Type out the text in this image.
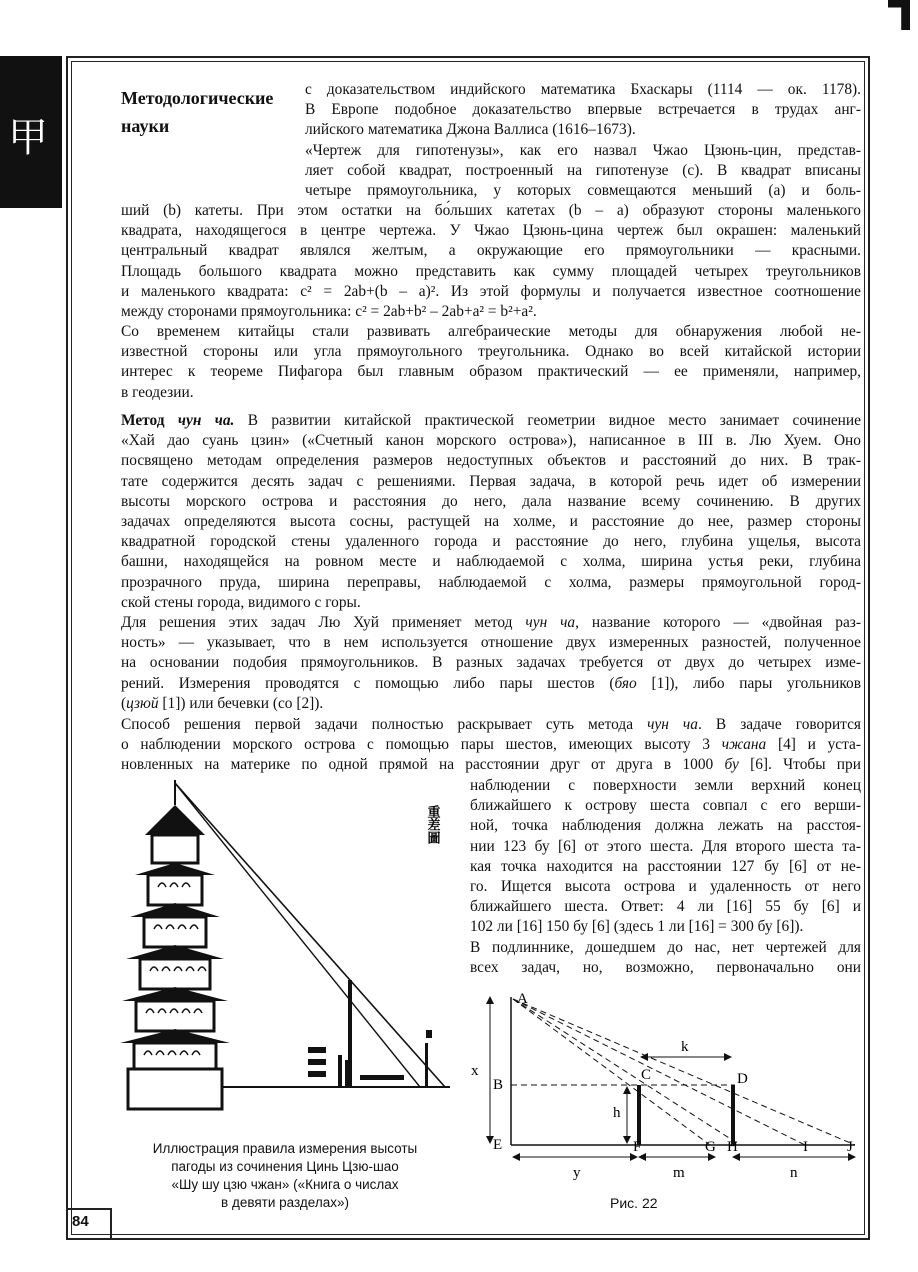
甲
84
Методологические
науки
с доказательством индийского математика Бхаскары (1114 — ок. 1178).
В Европе подобное доказательство впервые встречается в трудах анг-
лийского математика Джона Валлиса (1616–1673).
«Чертеж для гипотенузы», как его назвал Чжао Цзюнь-цин, представ-
ляет собой квадрат, построенный на гипотенузе (c). В квадрат вписаны
четыре прямоугольника, у которых совмещаются меньший (a) и боль-
ший (b) катеты. При этом остатки на бо́льших катетах (b – a) образуют стороны маленького
квадрата, находящегося в центре чертежа. У Чжао Цзюнь-цина чертеж был окрашен: маленький
центральный квадрат являлся желтым, а окружающие его прямоугольники — красными.
Площадь большого квадрата можно представить как сумму площадей четырех треугольников
и маленького квадрата: c² = 2ab+(b – a)². Из этой формулы и получается известное соотношение
между сторонами прямоугольника: c² = 2ab+b² – 2ab+a² = b²+a².
Со временем китайцы стали развивать алгебраические методы для обнаружения любой не-
известной стороны или угла прямоугольного треугольника. Однако во всей китайской истории
интерес к теореме Пифагора был главным образом практический — ее применяли, например,
в геодезии.
Метод чун ча. В развитии китайской практической геометрии видное место занимает сочинение
«Хай дао суань цзин» («Счетный канон морского острова»), написанное в III в. Лю Хуем. Оно
посвящено методам определения размеров недоступных объектов и расстояний до них. В трак-
тате содержится десять задач с решениями. Первая задача, в которой речь идет об измерении
высоты морского острова и расстояния до него, дала название всему сочинению. В других
задачах определяются высота сосны, растущей на холме, и расстояние до нее, размер стороны
квадратной городской стены удаленного города и расстояние до него, глубина ущелья, высота
башни, находящейся на ровном месте и наблюдаемой с холма, ширина устья реки, глубина
прозрачного пруда, ширина переправы, наблюдаемой с холма, размеры прямоугольной город-
ской стены города, видимого с горы.
Для решения этих задач Лю Хуй применяет метод чун ча, название которого — «двойная раз-
ность» — указывает, что в нем используется отношение двух измеренных разностей, полученное
на основании подобия прямоугольников. В разных задачах требуется от двух до четырех изме-
рений. Измерения проводятся с помощью либо пары шестов (бяо [1]), либо пары угольников
(цзюй [1]) или бечевки (со [2]).
Способ решения первой задачи полностью раскрывает суть метода чун ча. В задаче говорится
о наблюдении морского острова с помощью пары шестов, имеющих высоту 3 чжана [4] и уста-
новленных на материке по одной прямой на расстоянии друг от друга в 1000 бу [6]. Чтобы при
наблюдении с поверхности земли верхний конец
ближайшего к острову шеста совпал с его верши-
ной, точка наблюдения должна лежать на расстоя-
нии 123 бу [6] от этого шеста. Для второго шеста та-
кая точка находится на расстоянии 127 бу [6] от не-
го. Ищется высота острова и удаленность от него
ближайшего шеста. Ответ: 4 ли [16] 55 бу [6] и
102 ли [16] 150 бу [6] (здесь 1 ли [16] = 300 бу [6]).
В подлиннике, дошедшем до нас, нет чертежей для
всех задач, но, возможно, первоначально они
重差圖
Иллюстрация правила измерения высоты
пагоды из сочинения Цинь Цзю-шао
«Шу шу цзю чжан» («Книга о числах
в девяти разделах»)
A
B
C	D
E	F	G H	I	J
x
h
k
y	m	n
Рис. 22
